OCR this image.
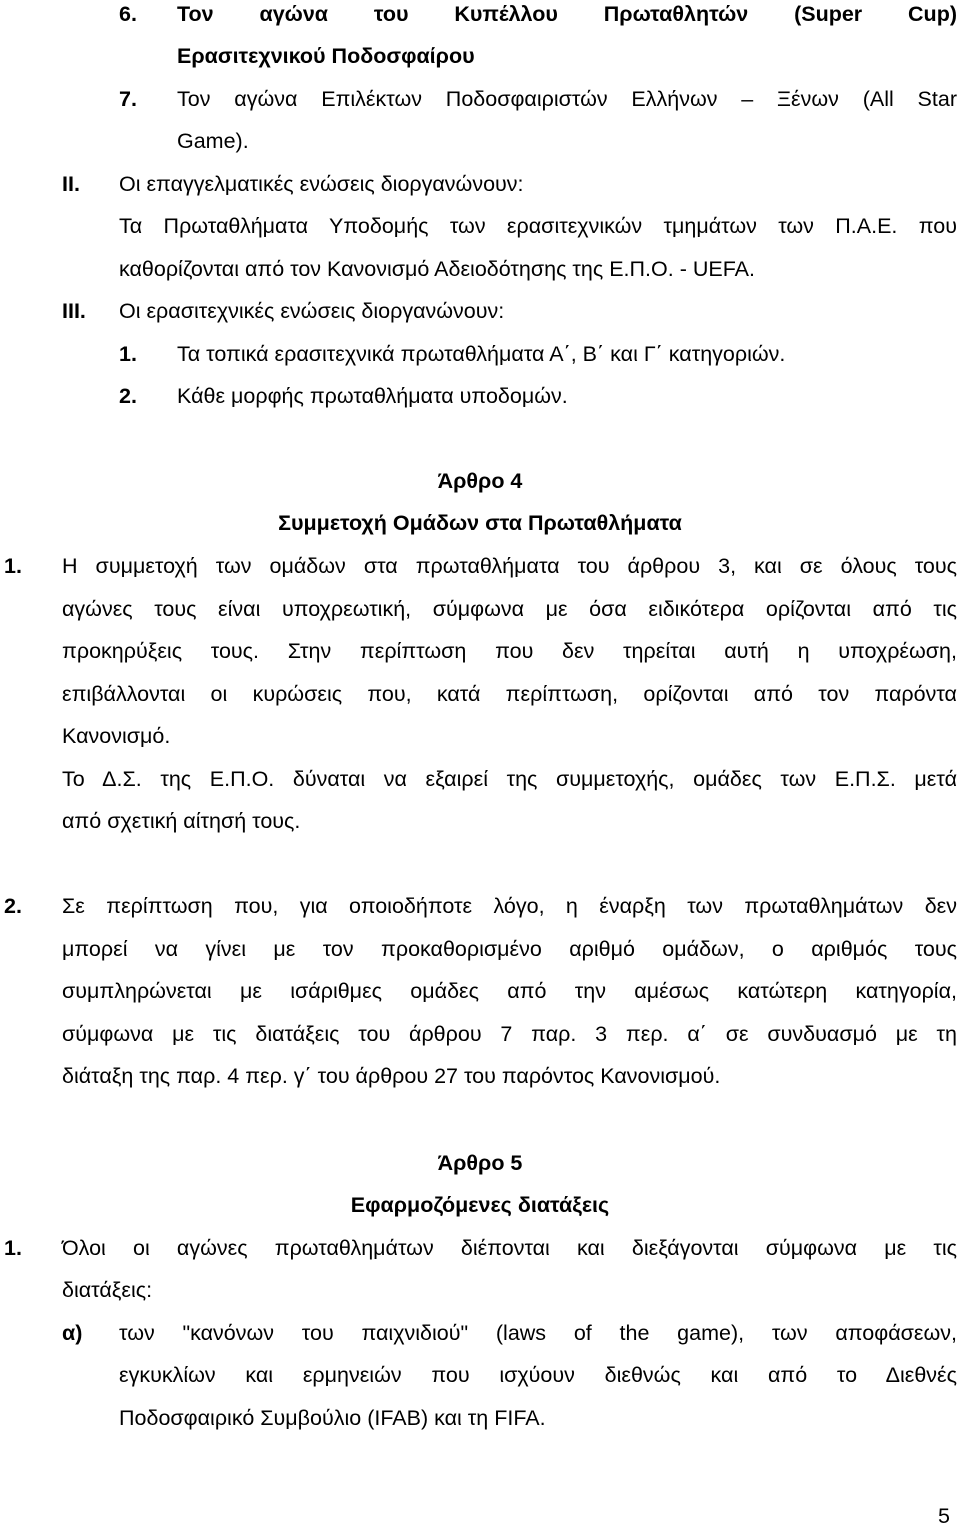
6. Τον αγώνα του Κυπέλλου Πρωταθλητών (Super Cup)
Ερασιτεχνικού Ποδοσφαίρου
7. Τον αγώνα Επιλέκτων Ποδοσφαιριστών Ελλήνων – Ξένων (All Star
Game).
ΙΙ. Οι επαγγελματικές ενώσεις διοργανώνουν:
Τα Πρωταθλήματα Υποδομής των ερασιτεχνικών τμημάτων των Π.Α.Ε. που
καθορίζονται από τον Κανονισμό Αδειοδότησης της Ε.Π.Ο. - UEFA.
ΙΙΙ. Οι ερασιτεχνικές ενώσεις διοργανώνουν:
1. Τα τοπικά ερασιτεχνικά πρωταθλήματα Α΄, Β΄ και Γ΄ κατηγοριών.
2. Κάθε μορφής πρωταθλήματα υποδομών.
Άρθρο 4
Συμμετοχή Ομάδων στα Πρωταθλήματα
1. Η συμμετοχή των ομάδων στα πρωταθλήματα του άρθρου 3, και σε όλους τους
αγώνες τους είναι υποχρεωτική, σύμφωνα με όσα ειδικότερα ορίζονται από τις
προκηρύξεις τους. Στην περίπτωση που δεν τηρείται αυτή η υποχρέωση,
επιβάλλονται οι κυρώσεις που, κατά περίπτωση, ορίζονται από τον παρόντα
Κανονισμό.
Το Δ.Σ. της Ε.Π.Ο. δύναται να εξαιρεί της συμμετοχής, ομάδες των Ε.Π.Σ. μετά
από σχετική αίτησή τους.
2. Σε περίπτωση που, για οποιοδήποτε λόγο, η έναρξη των πρωταθλημάτων δεν
μπορεί να γίνει με τον προκαθορισμένο αριθμό ομάδων, ο αριθμός τους
συμπληρώνεται με ισάριθμες ομάδες από την αμέσως κατώτερη κατηγορία,
σύμφωνα με τις διατάξεις του άρθρου 7 παρ. 3 περ. α΄ σε συνδυασμό με τη
διάταξη της παρ. 4 περ. γ΄ του άρθρου 27 του παρόντος Κανονισμού.
Άρθρο 5
Εφαρμοζόμενες διατάξεις
1. Όλοι οι αγώνες πρωταθλημάτων διέπονται και διεξάγονται σύμφωνα με τις
διατάξεις:
α) των "κανόνων του παιχνιδιού" (laws of the game), των αποφάσεων,
εγκυκλίων και ερμηνειών που ισχύουν διεθνώς και από το Διεθνές
Ποδοσφαιρικό Συμβούλιο (IFAB) και τη FIFA.
5
